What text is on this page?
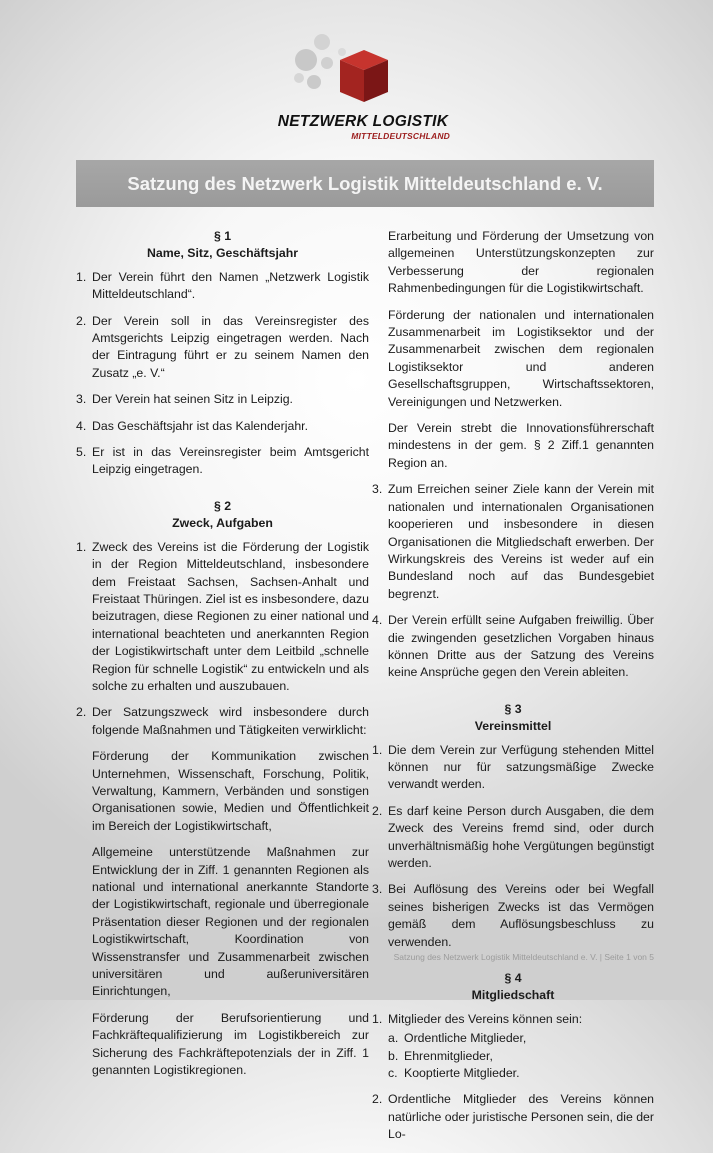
NETZWERK LOGISTIK
MITTELDEUTSCHLAND
Satzung des Netzwerk Logistik Mitteldeutschland e. V.
§ 1
Name, Sitz, Geschäftsjahr
1. Der Verein führt den Namen „Netzwerk Logistik Mitteldeutschland“.
2. Der Verein soll in das Vereinsregister des Amtsgerichts Leipzig eingetragen werden. Nach der Eintragung führt er zu seinem Namen den Zusatz „e. V.“
3. Der Verein hat seinen Sitz in Leipzig.
4. Das Geschäftsjahr ist das Kalenderjahr.
5. Er ist in das Vereinsregister beim Amtsgericht Leipzig eingetragen.
§ 2
Zweck, Aufgaben
1. Zweck des Vereins ist die Förderung der Logistik in der Region Mitteldeutschland, insbesondere dem Freistaat Sachsen, Sachsen-Anhalt und Freistaat Thüringen. Ziel ist es insbesondere, dazu beizutragen, diese Regionen zu einer national und international beachteten und anerkannten Region der Logistikwirtschaft unter dem Leitbild „schnelle Region für schnelle Logistik“ zu entwickeln und als solche zu erhalten und auszubauen.
2. Der Satzungszweck wird insbesondere durch folgende Maßnahmen und Tätigkeiten verwirklicht:
Förderung der Kommunikation zwischen Unternehmen, Wissenschaft, Forschung, Politik, Verwaltung, Kammern, Verbänden und sonstigen Organisationen sowie, Medien und Öffentlichkeit im Bereich der Logistikwirtschaft,
Allgemeine unterstützende Maßnahmen zur Entwicklung der in Ziff. 1 genannten Regionen als national und international anerkannte Standorte der Logistikwirtschaft, regionale und überregionale Präsentation dieser Regionen und der regionalen Logistikwirtschaft, Koordination von Wissenstransfer und Zusammenarbeit zwischen universitären und außeruniversitären Einrichtungen,
Förderung der Berufsorientierung und Fachkräftequalifizierung im Logistikbereich zur Sicherung des Fachkräftepotenzials der in Ziff. 1 genannten Logistikregionen.
Erarbeitung und Förderung der Umsetzung von allgemeinen Unterstützungskonzepten zur Verbesserung der regionalen Rahmenbedingungen für die Logistikwirtschaft.
Förderung der nationalen und internationalen Zusammenarbeit im Logistiksektor und der Zusammenarbeit zwischen dem regionalen Logistiksektor und anderen Gesellschaftsgruppen, Wirtschaftssektoren, Vereinigungen und Netzwerken.
Der Verein strebt die Innovationsführerschaft mindestens in der gem. § 2 Ziff.1 genannten Region an.
3. Zum Erreichen seiner Ziele kann der Verein mit nationalen und internationalen Organisationen kooperieren und insbesondere in diesen Organisationen die Mitgliedschaft erwerben. Der Wirkungskreis des Vereins ist weder auf ein Bundesland noch auf das Bundesgebiet begrenzt.
4. Der Verein erfüllt seine Aufgaben freiwillig. Über die zwingenden gesetzlichen Vorgaben hinaus können Dritte aus der Satzung des Vereins keine Ansprüche gegen den Verein ableiten.
§ 3
Vereinsmittel
1. Die dem Verein zur Verfügung stehenden Mittel können nur für satzungsmäßige Zwecke verwandt werden.
2. Es darf keine Person durch Ausgaben, die dem Zweck des Vereins fremd sind, oder durch unverhältnismäßig hohe Vergütungen begünstigt werden.
3. Bei Auflösung des Vereins oder bei Wegfall seines bisherigen Zwecks ist das Vermögen gemäß dem Auflösungsbeschluss zu verwenden.
§ 4
Mitgliedschaft
1. Mitglieder des Vereins können sein:
a. Ordentliche Mitglieder,
b. Ehrenmitglieder,
c. Kooptierte Mitglieder.
2. Ordentliche Mitglieder des Vereins können natürliche oder juristische Personen sein, die der Lo-
Satzung des Netzwerk Logistik Mitteldeutschland e. V. | Seite 1 von 5
